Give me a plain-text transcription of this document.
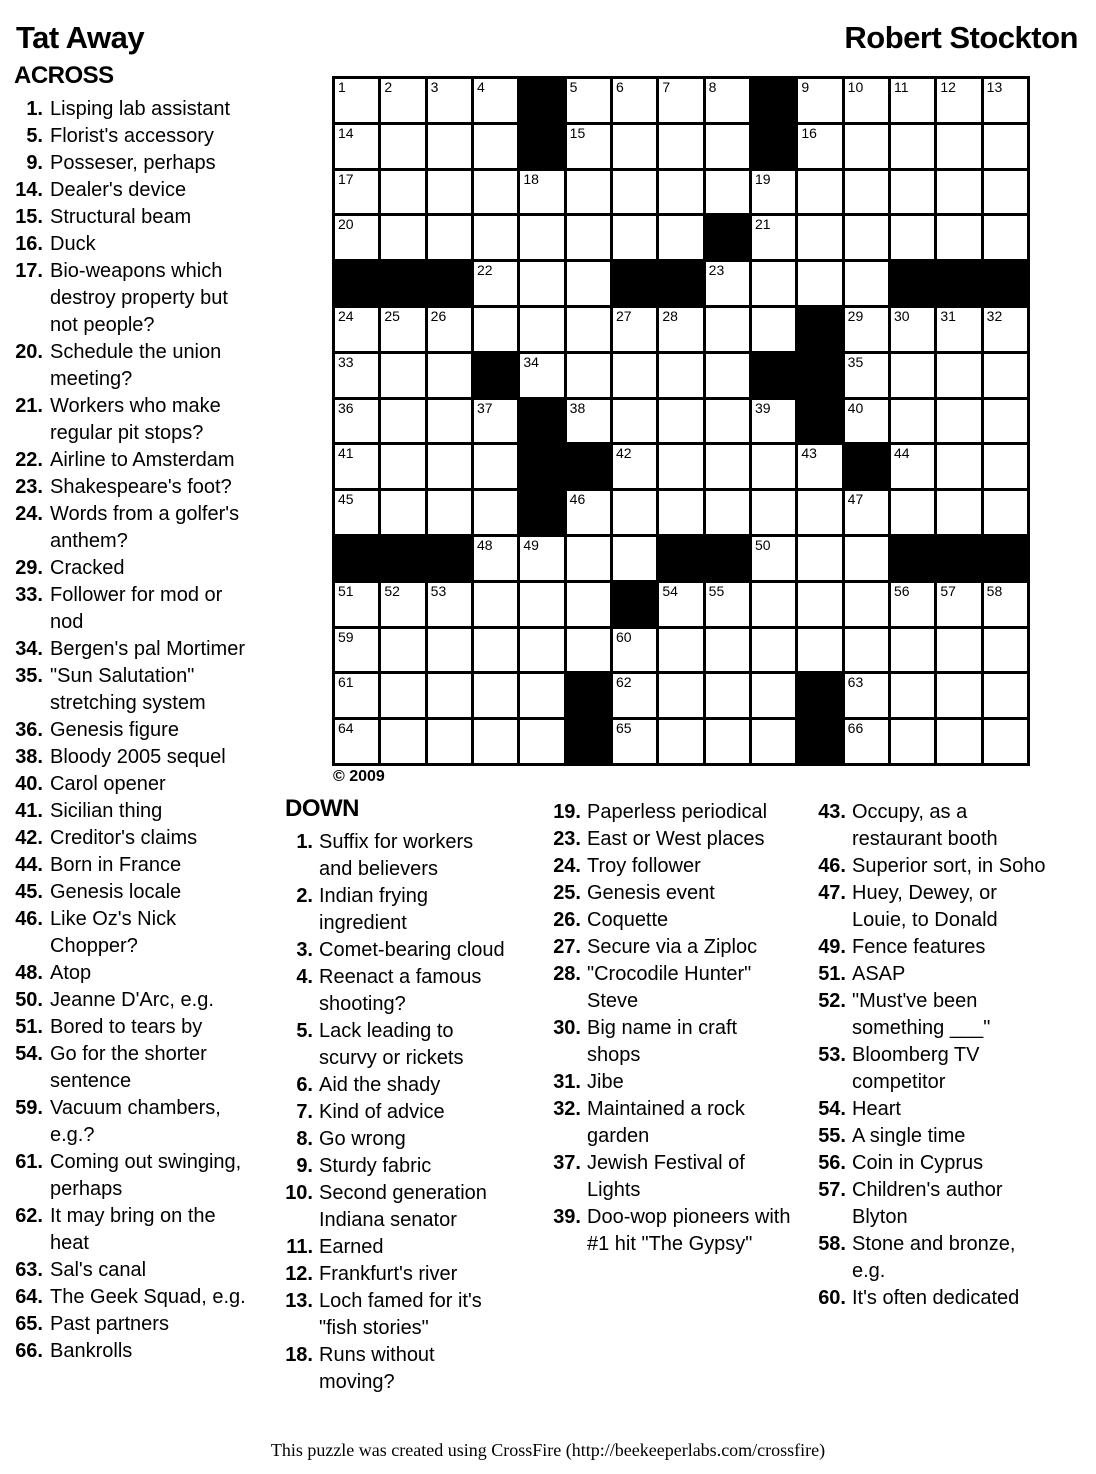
Tat Away	Robert Stockton
ACROSS
1. Lisping lab assistant
5. Florist's accessory
9. Posseser, perhaps
14. Dealer's device
15. Structural beam
16. Duck
17. Bio-weapons which destroy property but not people?
20. Schedule the union meeting?
21. Workers who make regular pit stops?
22. Airline to Amsterdam
23. Shakespeare's foot?
24. Words from a golfer's anthem?
29. Cracked
33. Follower for mod or nod
34. Bergen's pal Mortimer
35. "Sun Salutation" stretching system
36. Genesis figure
38. Bloody 2005 sequel
40. Carol opener
41. Sicilian thing
42. Creditor's claims
44. Born in France
45. Genesis locale
46. Like Oz's Nick Chopper?
48. Atop
50. Jeanne D'Arc, e.g.
51. Bored to tears by
54. Go for the shorter sentence
59. Vacuum chambers, e.g.?
61. Coming out swinging, perhaps
62. It may bring on the heat
63. Sal's canal
64. The Geek Squad, e.g.
65. Past partners
66. Bankrolls
1	2	3	4	5	6	7	8	9	10 11 12 13
14	15	16
17	18	19
20	21
22	23
24 25 26	27 28	29 30 31 32
33	34	35
36	37	38	39	40
41	42	43	44
45	46	47
48 49	50
51 52 53	54 55	56 57 58
59	60
61	62	63
64	65	66
© 2009
DOWN
1. Suffix for workers and believers
2. Indian frying ingredient
3. Comet-bearing cloud
4. Reenact a famous shooting?
5. Lack leading to scurvy or rickets
6. Aid the shady
7. Kind of advice
8. Go wrong
9. Sturdy fabric
10. Second generation Indiana senator
11. Earned
12. Frankfurt's river
13. Loch famed for it's "fish stories"
18. Runs without moving?
19. Paperless periodical
23. East or West places
24. Troy follower
25. Genesis event
26. Coquette
27. Secure via a Ziploc
28. "Crocodile Hunter" Steve
30. Big name in craft shops
31. Jibe
32. Maintained a rock garden
37. Jewish Festival of Lights
39. Doo-wop pioneers with #1 hit "The Gypsy"
43. Occupy, as a restaurant booth
46. Superior sort, in Soho
47. Huey, Dewey, or Louie, to Donald
49. Fence features
51. ASAP
52. "Must've been something ___"
53. Bloomberg TV competitor
54. Heart
55. A single time
56. Coin in Cyprus
57. Children's author Blyton
58. Stone and bronze, e.g.
60. It's often dedicated
This puzzle was created using CrossFire (http://beekeeperlabs.com/crossfire)
